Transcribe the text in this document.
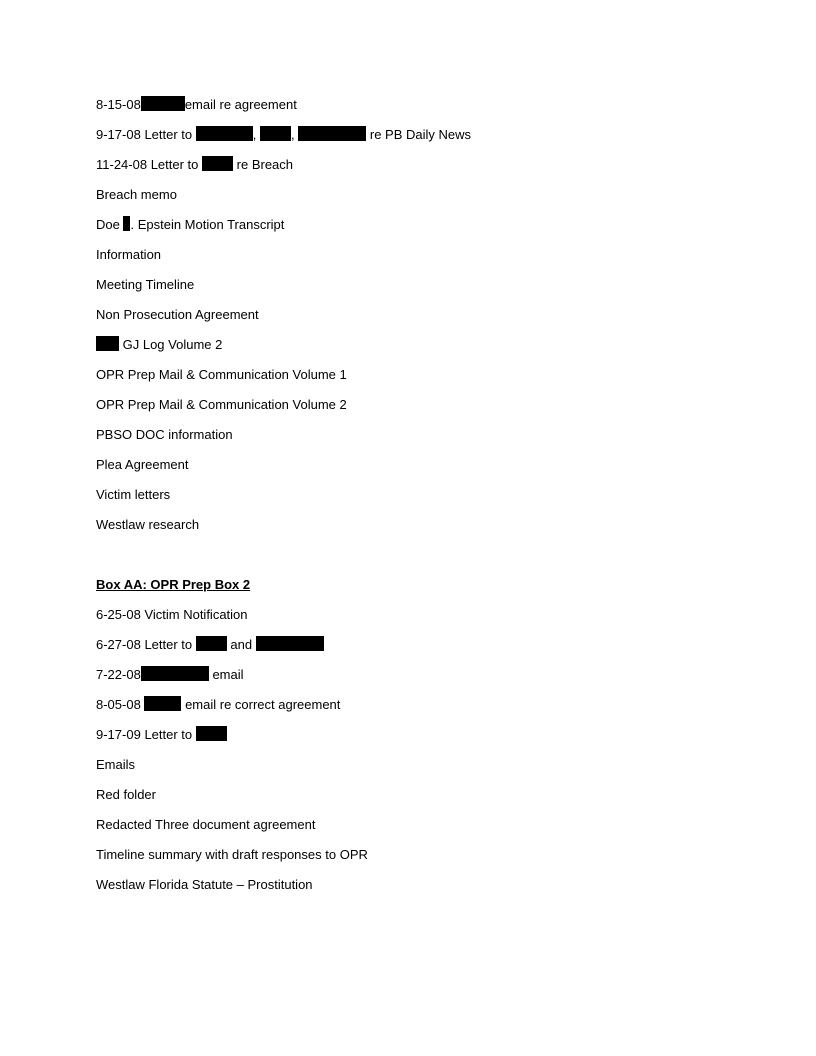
8-15-08	email re agreement
9-17-08 Letter to	,	,	re PB Daily News
11-24-08 Letter to	re Breach
Breach memo
Doe . Epstein Motion Transcript
Information
Meeting Timeline
Non Prosecution Agreement
GJ Log Volume 2
OPR Prep Mail & Communication Volume 1
OPR Prep Mail & Communication Volume 2
PBSO DOC information
Plea Agreement
Victim letters
Westlaw research
Box AA: OPR Prep Box 2
6-25-08 Victim Notification
6-27-08 Letter to	and
7-22-08	email
8-05-08	email re correct agreement
9-17-09 Letter to
Emails
Red folder
Redacted Three document agreement
Timeline summary with draft responses to OPR
Westlaw Florida Statute – Prostitution
